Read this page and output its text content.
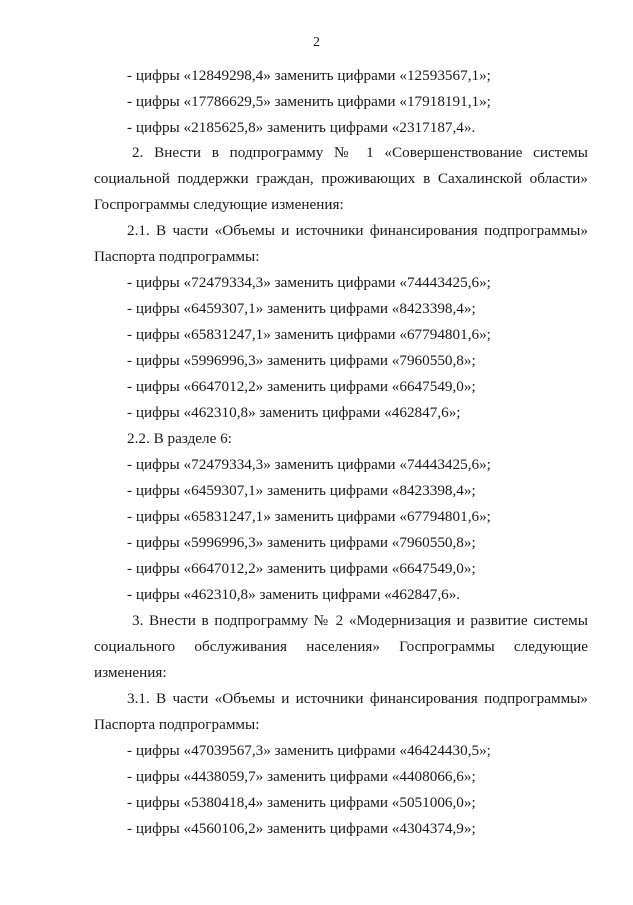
2
- цифры «12849298,4» заменить цифрами «12593567,1»;
- цифры «17786629,5» заменить цифрами «17918191,1»;
- цифры «2185625,8» заменить цифрами «2317187,4».
2. Внести в подпрограмму № 1 «Совершенствование системы
социальной поддержки граждан, проживающих в Сахалинской области»
Госпрограммы следующие изменения:
2.1. В части «Объемы и источники финансирования подпрограммы»
Паспорта подпрограммы:
- цифры «72479334,3» заменить цифрами «74443425,6»;
- цифры «6459307,1» заменить цифрами «8423398,4»;
- цифры «65831247,1» заменить цифрами «67794801,6»;
- цифры «5996996,3» заменить цифрами «7960550,8»;
- цифры «6647012,2» заменить цифрами «6647549,0»;
- цифры «462310,8» заменить цифрами «462847,6»;
2.2. В разделе 6:
- цифры «72479334,3» заменить цифрами «74443425,6»;
- цифры «6459307,1» заменить цифрами «8423398,4»;
- цифры «65831247,1» заменить цифрами «67794801,6»;
- цифры «5996996,3» заменить цифрами «7960550,8»;
- цифры «6647012,2» заменить цифрами «6647549,0»;
- цифры «462310,8» заменить цифрами «462847,6».
3. Внести в подпрограмму № 2 «Модернизация и развитие системы
социального обслуживания населения» Госпрограммы следующие
изменения:
3.1. В части «Объемы и источники финансирования подпрограммы»
Паспорта подпрограммы:
- цифры «47039567,3» заменить цифрами «46424430,5»;
- цифры «4438059,7» заменить цифрами «4408066,6»;
- цифры «5380418,4» заменить цифрами «5051006,0»;
- цифры «4560106,2» заменить цифрами «4304374,9»;
